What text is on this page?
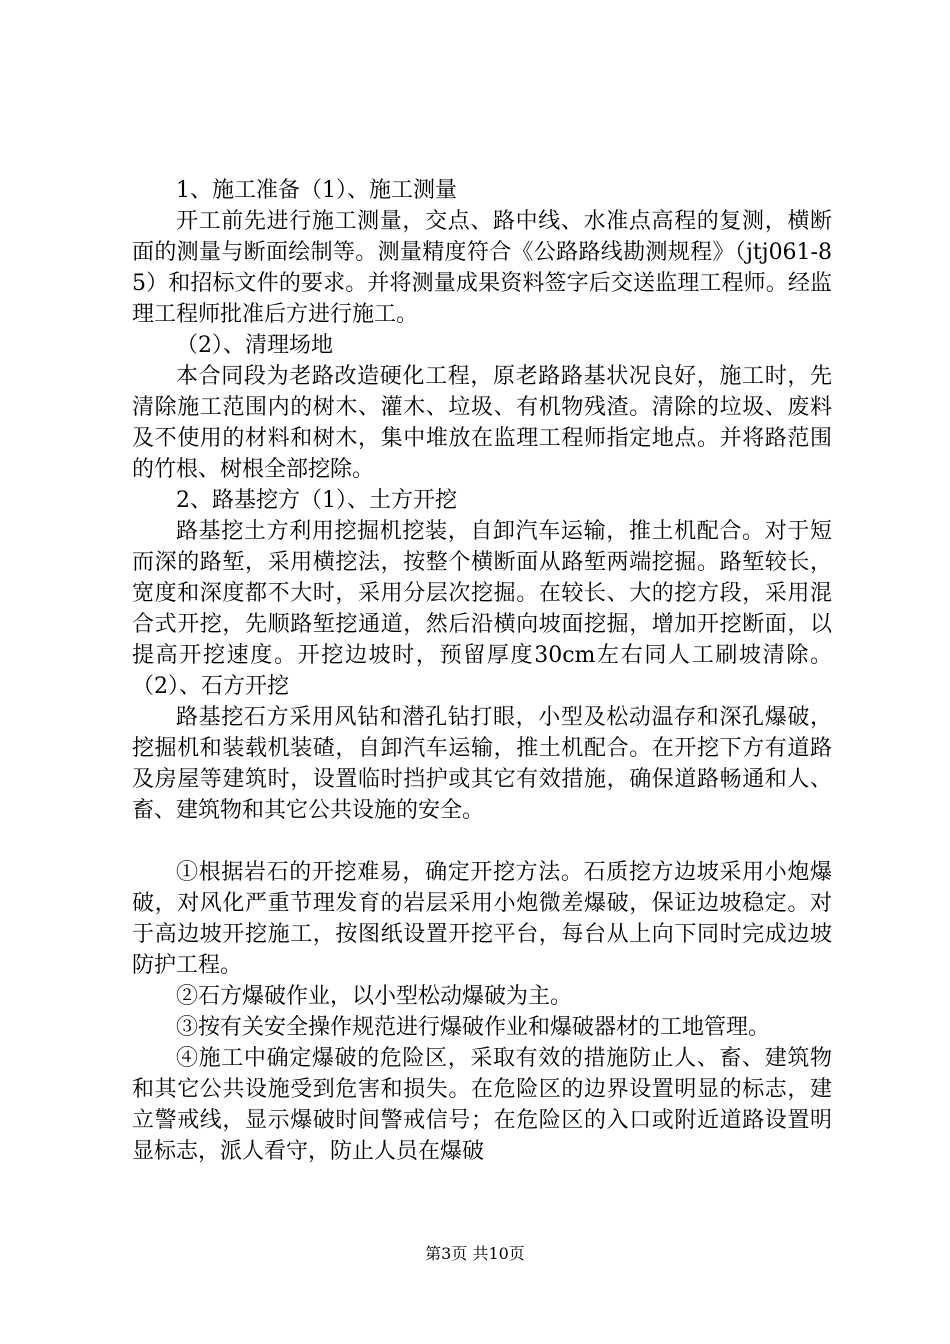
1、施工准备（1）、施工测量

开工前先进行施工测量，交点、路中线、水准点高程的复测，横断面的测量与断面绘制等。测量精度符合《公路路线勘测规程》（jtj061-85）和招标文件的要求。并将测量成果资料签字后交送监理工程师。经监理工程师批准后方进行施工。

（2）、清理场地

本合同段为老路改造硬化工程，原老路路基状况良好，施工时，先清除施工范围内的树木、灌木、垃圾、有机物残渣。清除的垃圾、废料及不使用的材料和树木，集中堆放在监理工程师指定地点。并将路范围的竹根、树根全部挖除。

2、路基挖方（1）、土方开挖

路基挖土方利用挖掘机挖装，自卸汽车运输，推土机配合。对于短而深的路堑，采用横挖法，按整个横断面从路堑两端挖掘。路堑较长，宽度和深度都不大时，采用分层次挖掘。在较长、大的挖方段，采用混合式开挖，先顺路堑挖通道，然后沿横向坡面挖掘，增加开挖断面，以提高开挖速度。开挖边坡时，预留厚度30cm左右同人工刷坡清除。（2）、石方开挖

路基挖石方采用风钻和潜孔钻打眼，小型及松动温存和深孔爆破，挖掘机和装载机装碴，自卸汽车运输，推土机配合。在开挖下方有道路及房屋等建筑时，设置临时挡护或其它有效措施，确保道路畅通和人、畜、建筑物和其它公共设施的安全。

①根据岩石的开挖难易，确定开挖方法。石质挖方边坡采用小炮爆破，对风化严重节理发育的岩层采用小炮微差爆破，保证边坡稳定。对于高边坡开挖施工，按图纸设置开挖平台，每台从上向下同时完成边坡防护工程。

②石方爆破作业，以小型松动爆破为主。

③按有关安全操作规范进行爆破作业和爆破器材的工地管理。

④施工中确定爆破的危险区，采取有效的措施防止人、畜、建筑物和其它公共设施受到危害和损失。在危险区的边界设置明显的标志，建立警戒线，显示爆破时间警戒信号；在危险区的入口或附近道路设置明显标志，派人看守，防止人员在爆破

第3页 共10页
